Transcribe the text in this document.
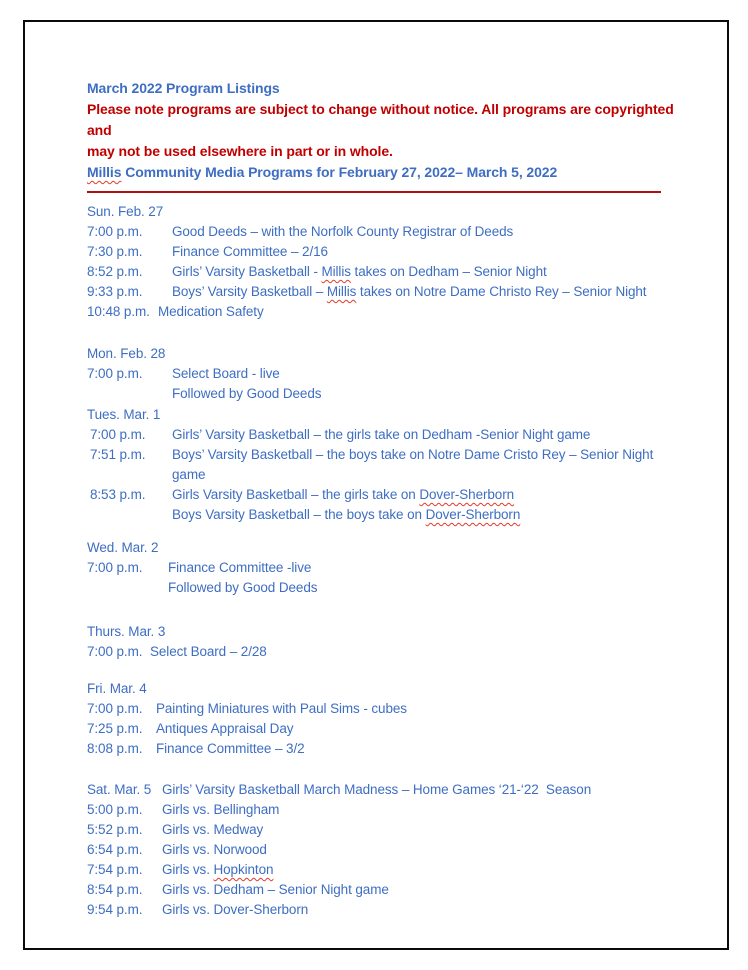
March 2022 Program Listings
Please note programs are subject to change without notice. All programs are copyrighted and
may not be used elsewhere in part or in whole.
Millis Community Media Programs for February 27, 2022– March 5, 2022
Sun. Feb. 27
7:00 p.m.	Good Deeds – with the Norfolk County Registrar of Deeds
7:30 p.m.	Finance Committee – 2/16
8:52 p.m.	Girls’ Varsity Basketball - Millis takes on Dedham – Senior Night
9:33 p.m.	Boys’ Varsity Basketball – Millis takes on Notre Dame Christo Rey – Senior Night
10:48 p.m. Medication Safety
Mon. Feb. 28
7:00 p.m.	Select Board - live
Followed by Good Deeds
Tues. Mar. 1
7:00 p.m.	Girls’ Varsity Basketball – the girls take on Dedham -Senior Night game
7:51 p.m.	Boys’ Varsity Basketball – the boys take on Notre Dame Cristo Rey – Senior Night game
8:53 p.m.	Girls Varsity Basketball – the girls take on Dover-Sherborn
Boys Varsity Basketball – the boys take on Dover-Sherborn
Wed. Mar. 2
7:00 p.m.	Finance Committee -live
Followed by Good Deeds
Thurs. Mar. 3
7:00 p.m. Select Board – 2/28
Fri. Mar. 4
7:00 p.m.	Painting Miniatures with Paul Sims - cubes
7:25 p.m.	Antiques Appraisal Day
8:08 p.m.	Finance Committee – 3/2
Sat. Mar. 5 Girls’ Varsity Basketball March Madness – Home Games ‘21-‘22  Season
5:00 p.m.	Girls vs. Bellingham
5:52 p.m.	Girls vs. Medway
6:54 p.m.	Girls vs. Norwood
7:54 p.m.	Girls vs. Hopkinton
8:54 p.m.	Girls vs. Dedham – Senior Night game
9:54 p.m.	Girls vs. Dover-Sherborn
